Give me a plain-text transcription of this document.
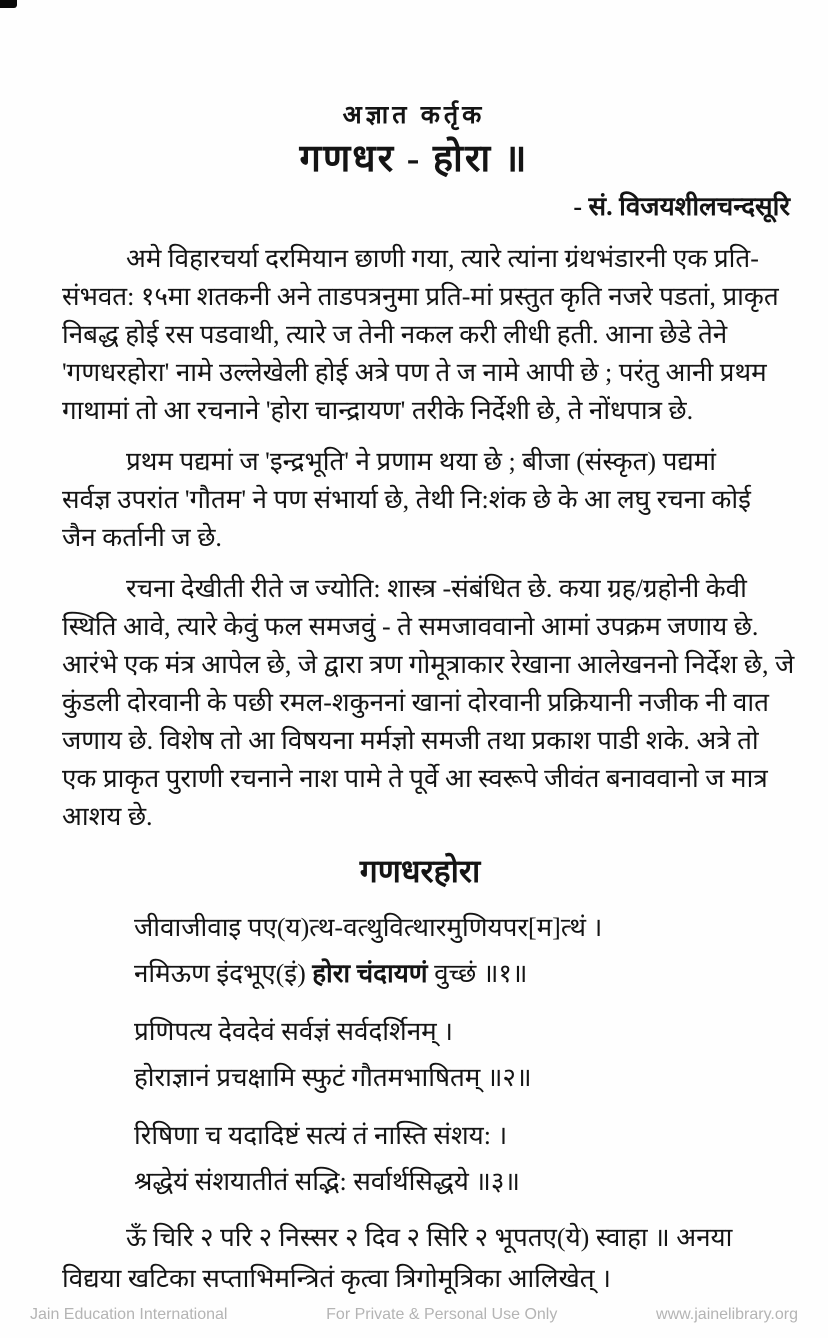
अज्ञात कर्तृक
गणधर - होरा ॥
- सं. विजयशीलचन्दसूरि
अमे विहारचर्या दरमियान छाणी गया, त्यारे त्यांना ग्रंथभंडारनी एक प्रति-
संभवत: १५मा शतकनी अने ताडपत्रनुमा प्रति-मां प्रस्तुत कृति नजरे पडतां, प्राकृत
निबद्ध होई रस पडवाथी, त्यारे ज तेनी नकल करी लीधी हती. आना छेडे तेने
'गणधरहोरा' नामे उल्लेखेली होई अत्रे पण ते ज नामे आपी छे ; परंतु आनी प्रथम
गाथामां तो आ रचनाने 'होरा चान्द्रायण' तरीके निर्देशी छे, ते नोंधपात्र छे.
प्रथम पद्यमां ज 'इन्द्रभूति' ने प्रणाम थया छे ; बीजा (संस्कृत) पद्यमां
सर्वज्ञ उपरांत 'गौतम' ने पण संभार्या छे, तेथी नि:शंक छे के आ लघु रचना कोई
जैन कर्तानी ज छे.
रचना देखीती रीते ज ज्योति: शास्त्र -संबंधित छे. कया ग्रह/ग्रहोनी केवी
स्थिति आवे, त्यारे केवुं फल समजवुं - ते समजाववानो आमां उपक्रम जणाय छे.
आरंभे एक मंत्र आपेल छे, जे द्वारा त्रण गोमूत्राकार रेखाना आलेखननो निर्देश छे, जे
कुंडली दोरवानी के पछी रमल-शकुननां खानां दोरवानी प्रक्रियानी नजीक नी वात
जणाय छे. विशेष तो आ विषयना मर्मज्ञो समजी तथा प्रकाश पाडी शके. अत्रे तो
एक प्राकृत पुराणी रचनाने नाश पामे ते पूर्वे आ स्वरूपे जीवंत बनाववानो ज मात्र
आशय छे.
गणधरहोरा
जीवाजीवाइ पए(य)त्थ-वत्थुवित्थारमुणियपर[म]त्थं ।
नमिऊण इंदभूए(इं) होरा चंदायणं वुच्छं ॥१॥
प्रणिपत्य देवदेवं सर्वज्ञं सर्वदर्शिनम् ।
होराज्ञानं प्रचक्षामि स्फुटं गौतमभाषितम् ॥२॥
रिषिणा च यदादिष्टं सत्यं तं नास्ति संशय: ।
श्रद्धेयं संशयातीतं सद्भि: सर्वार्थसिद्धये ॥३॥
ऊँ चिरि २ परि २ निस्सर २ दिव २ सिरि २ भूपतए(ये) स्वाहा ॥ अनया
विद्यया खटिका सप्ताभिमन्त्रितं कृत्वा त्रिगोमूत्रिका आलिखेत् ।
Jain Education International	For Private & Personal Use Only	www.jainelibrary.org
